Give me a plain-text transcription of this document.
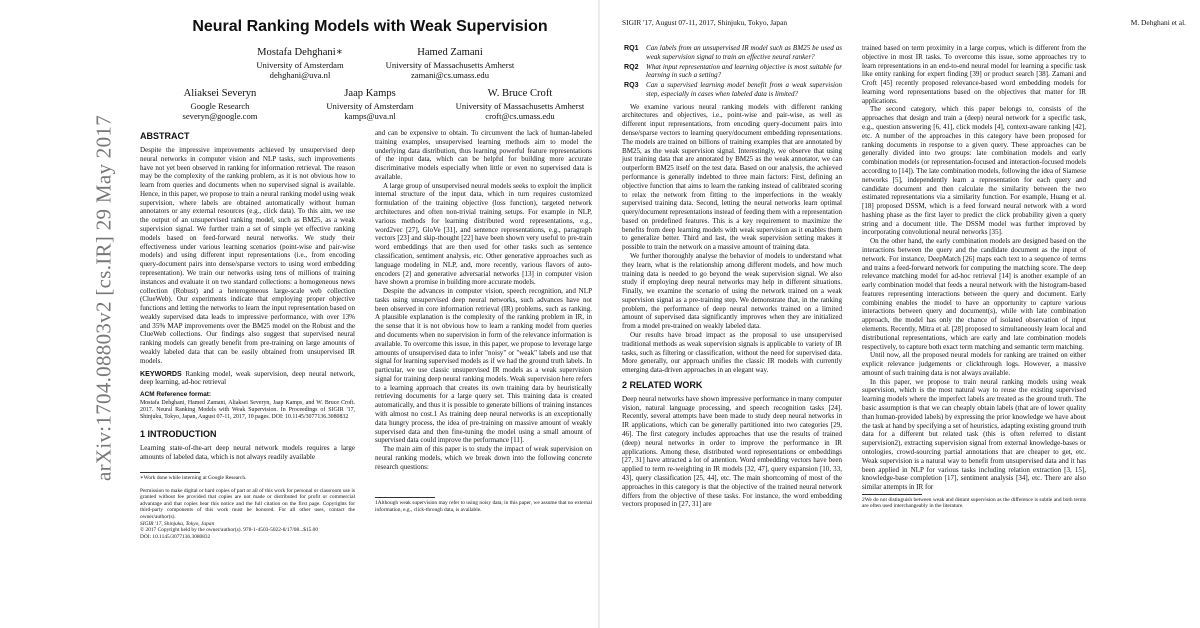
arXiv:1704.08803v2 [cs.IR] 29 May 2017
Neural Ranking Models with Weak Supervision
Mostafa Dehghani∗
University of Amsterdam
dehghani@uva.nl
Hamed Zamani
University of Massachusetts Amherst
zamani@cs.umass.edu
Aliaksei Severyn
Google Research
severyn@google.com
Jaap Kamps
University of Amsterdam
kamps@uva.nl
W. Bruce Croft
University of Massachusetts Amherst
croft@cs.umass.edu
ABSTRACT

Despite the impressive improvements achieved by unsupervised deep neural networks in computer vision and NLP tasks, such improvements have not yet been observed in ranking for information retrieval. The reason may be the complexity of the ranking problem, as it is not obvious how to learn from queries and documents when no supervised signal is available. Hence, in this paper, we propose to train a neural ranking model using weak supervision, where labels are obtained automatically without human annotators or any external resources (e.g., click data). To this aim, we use the output of an unsupervised ranking model, such as BM25, as a weak supervision signal. We further train a set of simple yet effective ranking models based on feed-forward neural networks. We study their effectiveness under various learning scenarios (point-wise and pair-wise models) and using different input representations (i.e., from encoding query-document pairs into dense/sparse vectors to using word embedding representation). We train our networks using tens of millions of training instances and evaluate it on two standard collections: a homogeneous news collection (Robust) and a heterogeneous large-scale web collection (ClueWeb). Our experiments indicate that employing proper objective functions and letting the networks to learn the input representation based on weakly supervised data leads to impressive performance, with over 13% and 35% MAP improvements over the BM25 model on the Robust and the ClueWeb collections. Our findings also suggest that supervised neural ranking models can greatly benefit from pre-training on large amounts of weakly labeled data that can be easily obtained from unsupervised IR models.

KEYWORDS Ranking model, weak supervision, deep neural network, deep learning, ad-hoc retrieval
ACM Reference format:
Mostafa Dehghani, Hamed Zamani, Aliaksei Severyn, Jaap Kamps, and W. Bruce Croft. 2017. Neural Ranking Models with Weak Supervision. In Proceedings of SIGIR '17, Shinjuku, Tokyo, Japan, August 07-11, 2017, 10 pages. DOI: 10.1145/3077136.3080832
1 INTRODUCTION

Learning state-of-the-art deep neural network models requires a large amounts of labeled data, which is not always readily available

∗Work done while interning at Google Research.
Permission to make digital or hard copies of part or all of this work for personal or classroom use is granted without fee provided that copies are not made or distributed for profit or commercial advantage and that copies bear this notice and the full citation on the first page. Copyrights for third-party components of this work must be honored. For all other uses, contact the owner/author(s).
SIGIR '17, Shinjuku, Tokyo, Japan
© 2017 Copyright held by the owner/author(s). 978-1-4503-5022-8/17/08...$15.00
DOI: 10.1145/3077136.3080832

and can be expensive to obtain. To circumvent the lack of human-labeled training examples, unsupervised learning methods aim to model the underlying data distribution, thus learning powerful feature representations of the input data, which can be helpful for building more accurate discriminative models especially when little or even no supervised data is available.

A large group of unsupervised neural models seeks to exploit the implicit internal structure of the input data, which in turn requires customized formulation of the training objective (loss function), targeted network architectures and often non-trivial training setups. For example in NLP, various methods for learning distributed word representations, e.g., word2vec [27], GloVe [31], and sentence representations, e.g., paragraph vectors [23] and skip-thought [22] have been shown very useful to pre-train word embeddings that are then used for other tasks such as sentence classification, sentiment analysis, etc. Other generative approaches such as language modeling in NLP, and, more recently, various flavors of auto-encoders [2] and generative adversarial networks [13] in computer vision have shown a promise in building more accurate models.

Despite the advances in computer vision, speech recognition, and NLP tasks using unsupervised deep neural networks, such advances have not been observed in core information retrieval (IR) problems, such as ranking. A plausible explanation is the complexity of the ranking problem in IR, in the sense that it is not obvious how to learn a ranking model from queries and documents when no supervision in form of the relevance information is available. To overcome this issue, in this paper, we propose to leverage large amounts of unsupervised data to infer "noisy" or "weak" labels and use that signal for learning supervised models as if we had the ground truth labels. In particular, we use classic unsupervised IR models as a weak supervision signal for training deep neural ranking models. Weak supervision here refers to a learning approach that creates its own training data by heuristically retrieving documents for a large query set. This training data is created automatically, and thus it is possible to generate billions of training instances with almost no cost.1 As training deep neural networks is an exceptionally data hungry process, the idea of pre-training on massive amount of weakly supervised data and then fine-tuning the model using a small amount of supervised data could improve the performance [11].

The main aim of this paper is to study the impact of weak supervision on neural ranking models, which we break down into the following concrete research questions:

1Although weak supervision may refer to using noisy data, in this paper, we assume that no external information, e.g., click-through data, is available.
SIGIR '17, August 07-11, 2017, Shinjuku, Tokyo, Japan	M. Dehghani et al.
RQ1	Can labels from an unsupervised IR model such as BM25 be used as weak supervision signal to train an effective neural ranker?
RQ2	What input representation and learning objective is most suitable for learning in such a setting?
RQ3	Can a supervised learning model benefit from a weak supervision step, especially in cases when labeled data is limited?

We examine various neural ranking models with different ranking architectures and objectives, i.e., point-wise and pair-wise, as well as different input representations, from encoding query-document pairs into dense/sparse vectors to learning query/document embedding representations. The models are trained on billions of training examples that are annotated by BM25, as the weak supervision signal. Interestingly, we observe that using just training data that are annotated by BM25 as the weak annotator, we can outperform BM25 itself on the test data. Based on our analysis, the achieved performance is generally indebted to three main factors: First, defining an objective function that aims to learn the ranking instead of calibrated scoring to relax the network from fitting to the imperfections in the weakly supervised training data. Second, letting the neural networks learn optimal query/document representations instead of feeding them with a representation based on predefined features. This is a key requirement to maximize the benefits from deep learning models with weak supervision as it enables them to generalize better. Third and last, the weak supervision setting makes it possible to train the network on a massive amount of training data.

We further thoroughly analyse the behavior of models to understand what they learn, what is the relationship among different models, and how much training data is needed to go beyond the weak supervision signal. We also study if employing deep neural networks may help in different situations. Finally, we examine the scenario of using the network trained on a weak supervision signal as a pre-training step. We demonstrate that, in the ranking problem, the performance of deep neural networks trained on a limited amount of supervised data significantly improves when they are initialized from a model pre-trained on weakly labeled data.

Our results have broad impact as the proposal to use unsupervised traditional methods as weak supervision signals is applicable to variety of IR tasks, such as filtering or classification, without the need for supervised data. More generally, our approach unifies the classic IR models with currently emerging data-driven approaches in an elegant way.

2 RELATED WORK

Deep neural networks have shown impressive performance in many computer vision, natural language processing, and speech recognition tasks [24]. Recently, several attempts have been made to study deep neural networks in IR applications, which can be generally partitioned into two categories [29, 46]. The first category includes approaches that use the results of trained (deep) neural networks in order to improve the performance in IR applications. Among these, distributed word representations or embeddings [27, 31] have attracted a lot of attention. Word embedding vectors have been applied to term re-weighting in IR models [32, 47], query expansion [10, 33, 43], query classification [25, 44], etc. The main shortcoming of most of the approaches in this category is that the objective of the trained neural network differs from the objective of these tasks. For instance, the word embedding vectors proposed in [27, 31] are

trained based on term proximity in a large corpus, which is different from the objective in most IR tasks. To overcome this issue, some approaches try to learn representations in an end-to-end neural model for learning a specific task like entity ranking for expert finding [39] or product search [38]. Zamani and Croft [45] recently proposed relevance-based word embedding models for learning word representations based on the objectives that matter for IR applications.

The second category, which this paper belongs to, consists of the approaches that design and train a (deep) neural network for a specific task, e.g., question answering [6, 41], click models [4], context-aware ranking [42], etc. A number of the approaches in this category have been proposed for ranking documents in response to a given query. These approaches can be generally divided into two groups: late combination models and early combination models (or representation-focused and interaction-focused models according to [14]). The late combination models, following the idea of Siamese networks [5], independently learn a representation for each query and candidate document and then calculate the similarity between the two estimated representations via a similarity function. For example, Huang et al. [18] proposed DSSM, which is a feed forward neural network with a word hashing phase as the first layer to predict the click probability given a query string and a document title. The DSSM model was further improved by incorporating convolutional neural networks [35].

On the other hand, the early combination models are designed based on the interactions between the query and the candidate document as the input of network. For instance, DeepMatch [26] maps each text to a sequence of terms and trains a feed-forward network for computing the matching score. The deep relevance matching model for ad-hoc retrieval [14] is another example of an early combination model that feeds a neural network with the histogram-based features representing interactions between the query and document. Early combining enables the model to have an opportunity to capture various interactions between query and document(s), while with late combination approach, the model has only the chance of isolated observation of input elements. Recently, Mitra et al. [28] proposed to simultaneously learn local and distributional representations, which are early and late combination models respectively, to capture both exact term matching and semantic term matching.

Until now, all the proposed neural models for ranking are trained on either explicit relevance judgements or clickthrough logs. However, a massive amount of such training data is not always available.

In this paper, we propose to train neural ranking models using weak supervision, which is the most natural way to reuse the existing supervised learning models where the imperfect labels are treated as the ground truth. The basic assumption is that we can cheaply obtain labels (that are of lower quality than human-provided labels) by expressing the prior knowledge we have about the task at hand by specifying a set of heuristics, adapting existing ground truth data for a different but related task (this is often referred to distant supervision2), extracting supervision signal from external knowledge-bases or ontologies, crowd-sourcing partial annotations that are cheaper to get, etc. Weak supervision is a natural way to benefit from unsupervised data and it has been applied in NLP for various tasks including relation extraction [3, 15], knowledge-base completion [17], sentiment analysis [34], etc. There are also similar attempts in IR for

2We do not distinguish between weak and distant supervision as the difference is subtle and both terms are often used interchangeably in the literature.
